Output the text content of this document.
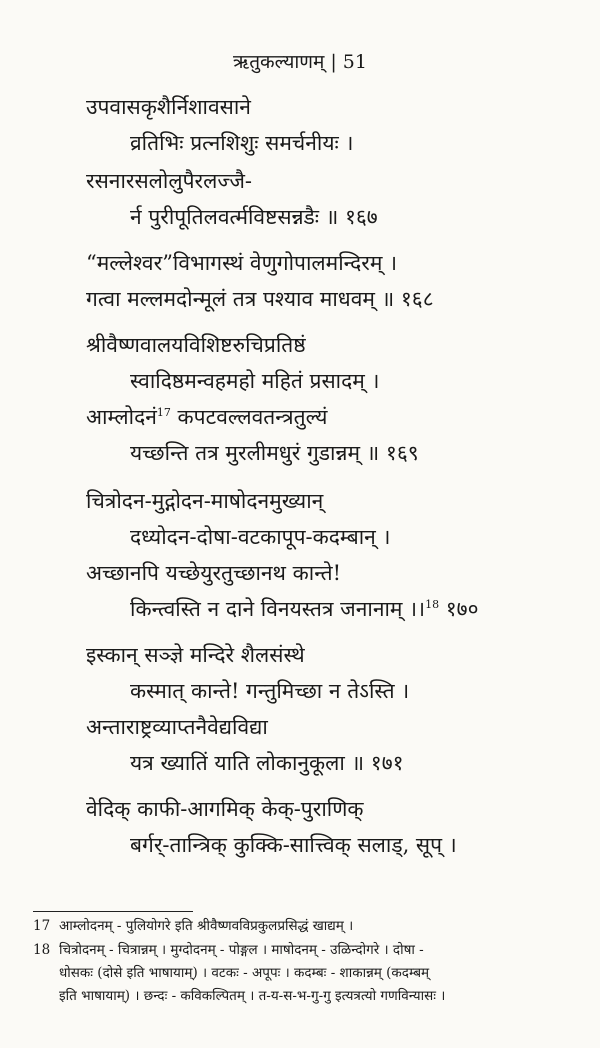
ऋतुकल्याणम् | 51
उपवासकृशैर्निशावसाने
व्रतिभिः प्रत्नशिशुः समर्चनीयः ।
रसनारसलोलुपैरलज्जै-
र्न पुरीपूतिलवर्त्मविष्टसन्नडैः ॥ १६७
“मल्लेश्वर”विभागस्थं वेणुगोपालमन्दिरम् ।
गत्वा मल्लमदोन्मूलं तत्र पश्याव माधवम् ॥ १६८
श्रीवैष्णवालयविशिष्टरुचिप्रतिष्ठं
स्वादिष्ठमन्वहमहो महितं प्रसादम् ।
आम्लोदनं$^{17}$ कपटवल्लवतन्त्रतुल्यं
यच्छन्ति तत्र मुरलीमधुरं गुडान्नम् ॥ १६९
चित्रोदन-मुद्गोदन-माषोदनमुख्यान्
दध्योदन-दोषा-वटकापूप-कदम्बान् ।
अच्छानपि यच्छेयुरतुच्छानथ कान्ते!
किन्त्वस्ति न दाने विनयस्तत्र जनानाम् ।।$^{18}$ १७०
इस्कान् सञ्ज्ञे मन्दिरे शैलसंस्थे
कस्मात् कान्ते! गन्तुमिच्छा न तेऽस्ति ।
अन्ताराष्ट्रव्याप्तनैवेद्यविद्या
यत्र ख्यातिं याति लोकानुकूला ॥ १७१
वेदिक् काफी-आगमिक् केक्-पुराणिक्
बर्गर्-तान्त्रिक् कुक्कि-सात्त्विक् सलाड्, सूप् ।
17 आम्लोदनम् - पुलियोगरे इति श्रीवैष्णवविप्रकुलप्रसिद्धं खाद्यम् ।
18 चित्रोदनम् - चित्रान्नम् । मुग्दोदनम् - पोङ्गल । माषोदनम् - उळिन्दोगरे । दोषा -
धोसकः (दोसे इति भाषायाम्) । वटकः - अपूपः । कदम्बः - शाकान्नम् (कदम्बम्
इति भाषायाम्) । छन्दः - कविकल्पितम् । त-य-स-भ-गु-गु इत्यत्रत्यो गणविन्यासः ।
